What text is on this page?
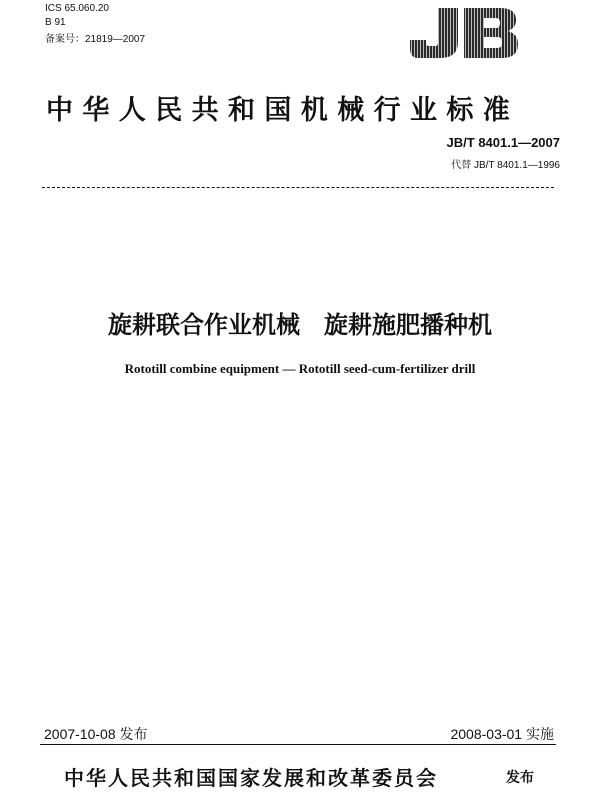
ICS 65.060.20
B 91
备案号：21819—2007
中华人民共和国机械行业标准
JB/T 8401.1—2007
代替 JB/T 8401.1—1996
旋耕联合作业机械　旋耕施肥播种机
Rototill combine equipment — Rototill seed-cum-fertilizer drill
2007-10-08 发布	2008-03-01 实施
中华人民共和国国家发展和改革委员会	发布
